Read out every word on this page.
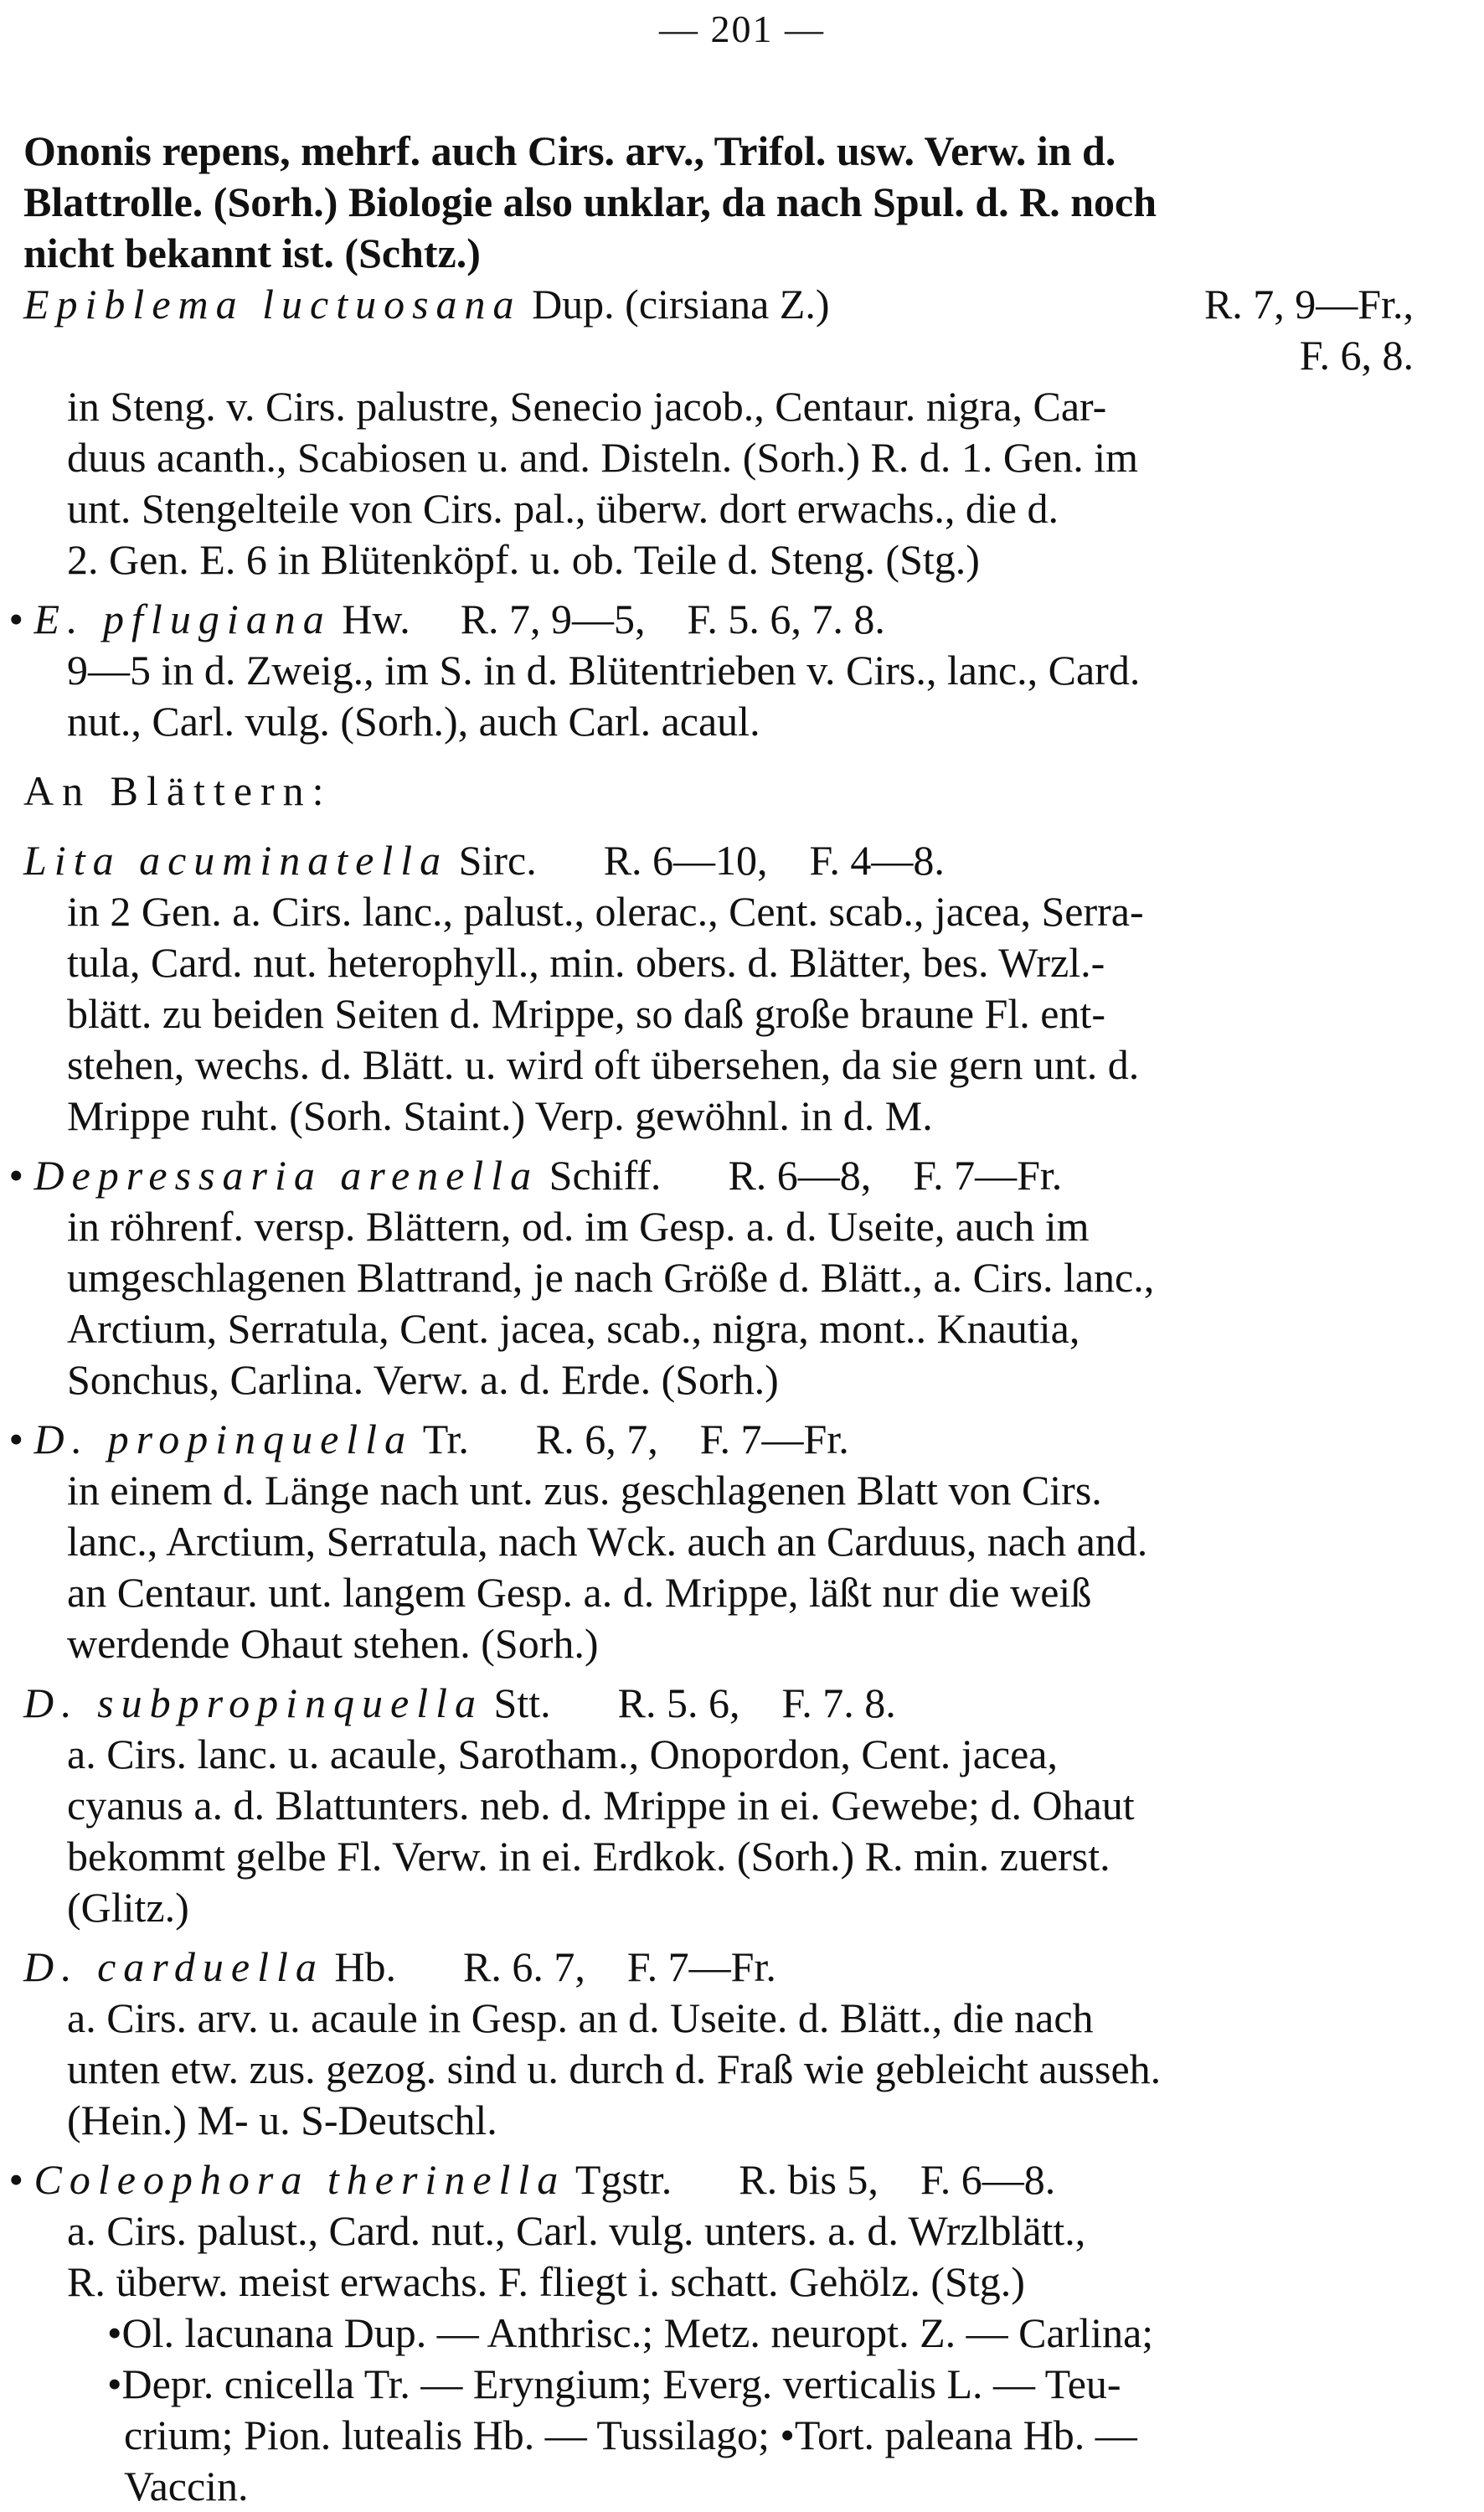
— 201 —
Ononis repens, mehrf. auch Cirs. arv., Trifol. usw. Verw. in d.
Blattrolle. (Sorh.) Biologie also unklar, da nach Spul. d. R. noch
nicht bekannt ist. (Schtz.)
Epiblema luctuosana Dup. (cirsiana Z.)	R. 7, 9—Fr.,
F. 6, 8.
in Steng. v. Cirs. palustre, Senecio jacob., Centaur. nigra, Car-
duus acanth., Scabiosen u. and. Disteln. (Sorh.) R. d. 1. Gen. im
unt. Stengelteile von Cirs. pal., überw. dort erwachs., die d.
2. Gen. E. 6 in Blütenköpf. u. ob. Teile d. Steng. (Stg.)
• E. pflugiana Hw. R. 7, 9—5,    F. 5. 6, 7. 8.
9—5 in d. Zweig., im S. in d. Blütentrieben v. Cirs., lanc., Card.
nut., Carl. vulg. (Sorh.), auch Carl. acaul.
An Blättern:
Lita acuminatella Sirc. R. 6—10,    F. 4—8.
in 2 Gen. a. Cirs. lanc., palust., olerac., Cent. scab., jacea, Serra-
tula, Card. nut. heterophyll., min. obers. d. Blätter, bes. Wrzl.-
blätt. zu beiden Seiten d. Mrippe, so daß große braune Fl. ent-
stehen, wechs. d. Blätt. u. wird oft übersehen, da sie gern unt. d.
Mrippe ruht. (Sorh. Staint.) Verp. gewöhnl. in d. M.
• Depressaria arenella Schiff. R. 6—8,    F. 7—Fr.
in röhrenf. versp. Blättern, od. im Gesp. a. d. Useite, auch im
umgeschlagenen Blattrand, je nach Größe d. Blätt., a. Cirs. lanc.,
Arctium, Serratula, Cent. jacea, scab., nigra, mont.. Knautia,
Sonchus, Carlina. Verw. a. d. Erde. (Sorh.)
• D. propinquella Tr. R. 6, 7,    F. 7—Fr.
in einem d. Länge nach unt. zus. geschlagenen Blatt von Cirs.
lanc., Arctium, Serratula, nach Wck. auch an Carduus, nach and.
an Centaur. unt. langem Gesp. a. d. Mrippe, läßt nur die weiß
werdende Ohaut stehen. (Sorh.)
D. subpropinquella Stt. R. 5. 6,    F. 7. 8.
a. Cirs. lanc. u. acaule, Sarotham., Onopordon, Cent. jacea,
cyanus a. d. Blattunters. neb. d. Mrippe in ei. Gewebe; d. Ohaut
bekommt gelbe Fl. Verw. in ei. Erdkok. (Sorh.) R. min. zuerst.
(Glitz.)
D. carduella Hb. R. 6. 7,    F. 7—Fr.
a. Cirs. arv. u. acaule in Gesp. an d. Useite. d. Blätt., die nach
unten etw. zus. gezog. sind u. durch d. Fraß wie gebleicht ausseh.
(Hein.) M- u. S-Deutschl.
• Coleophora therinella Tgstr. R. bis 5,    F. 6—8.
a. Cirs. palust., Card. nut., Carl. vulg. unters. a. d. Wrzlblätt.,
R. überw. meist erwachs. F. fliegt i. schatt. Gehölz. (Stg.)
•Ol. lacunana Dup. — Anthrisc.; Metz. neuropt. Z. — Carlina;
•Depr. cnicella Tr. — Eryngium; Everg. verticalis L. — Teu-
crium; Pion. lutealis Hb. — Tussilago; •Tort. paleana Hb. —
Vaccin.
